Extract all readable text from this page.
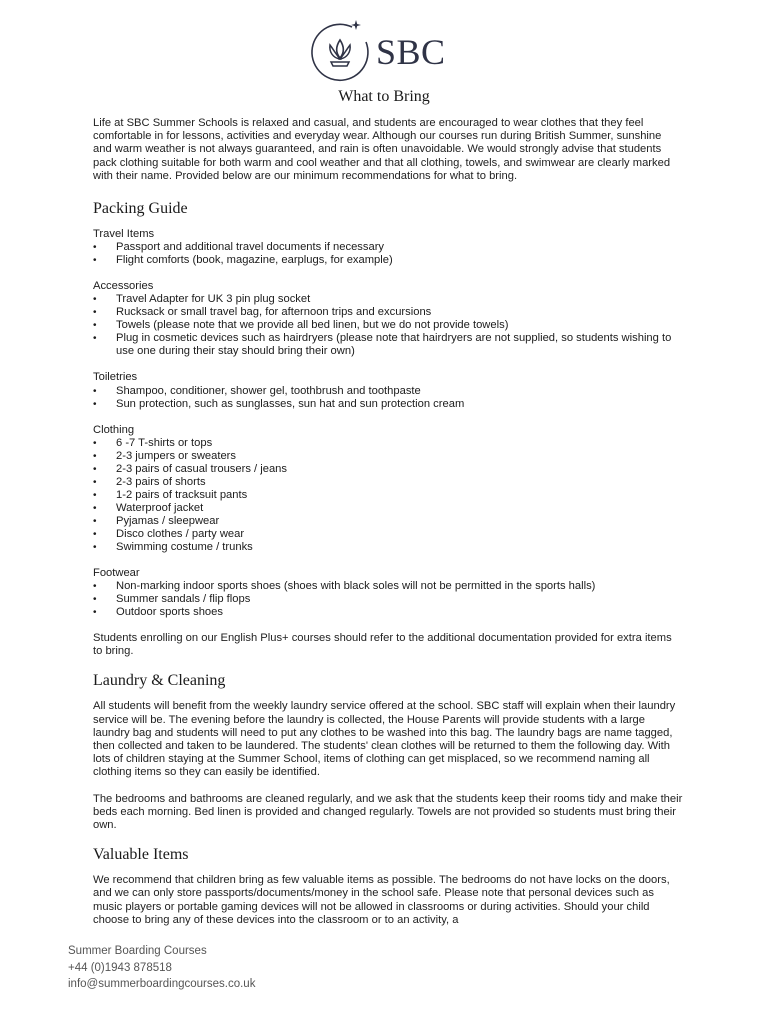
SBC
What to Bring

Life at SBC Summer Schools is relaxed and casual, and students are encouraged to wear clothes that they feel comfortable in for lessons, activities and everyday wear. Although our courses run during British Summer, sunshine and warm weather is not always guaranteed, and rain is often unavoidable. We would strongly advise that students pack clothing suitable for both warm and cool weather and that all clothing, towels, and swimwear are clearly marked with their name. Provided below are our minimum recommendations for what to bring.

Packing Guide
Travel Items
• Passport and additional travel documents if necessary
• Flight comforts (book, magazine, earplugs, for example)
Accessories
• Travel Adapter for UK 3 pin plug socket
• Rucksack or small travel bag, for afternoon trips and excursions
• Towels (please note that we provide all bed linen, but we do not provide towels)
• Plug in cosmetic devices such as hairdryers (please note that hairdryers are not supplied, so students wishing to use one during their stay should bring their own)
Toiletries
• Shampoo, conditioner, shower gel, toothbrush and toothpaste
• Sun protection, such as sunglasses, sun hat and sun protection cream
Clothing
• 6 -7 T-shirts or tops
• 2-3 jumpers or sweaters
• 2-3 pairs of casual trousers / jeans
• 2-3 pairs of shorts
• 1-2 pairs of tracksuit pants
• Waterproof jacket
• Pyjamas / sleepwear
• Disco clothes / party wear
• Swimming costume / trunks
Footwear
• Non-marking indoor sports shoes (shoes with black soles will not be permitted in the sports halls)
• Summer sandals / flip flops
• Outdoor sports shoes

Students enrolling on our English Plus+ courses should refer to the additional documentation provided for extra items to bring.

Laundry & Cleaning

All students will benefit from the weekly laundry service offered at the school. SBC staff will explain when their laundry service will be. The evening before the laundry is collected, the House Parents will provide students with a large laundry bag and students will need to put any clothes to be washed into this bag. The laundry bags are name tagged, then collected and taken to be laundered. The students' clean clothes will be returned to them the following day. With lots of children staying at the Summer School, items of clothing can get misplaced, so we recommend naming all clothing items so they can easily be identified.

The bedrooms and bathrooms are cleaned regularly, and we ask that the students keep their rooms tidy and make their beds each morning. Bed linen is provided and changed regularly. Towels are not provided so students must bring their own.

Valuable Items

We recommend that children bring as few valuable items as possible. The bedrooms do not have locks on the doors, and we can only store passports/documents/money in the school safe. Please note that personal devices such as music players or portable gaming devices will not be allowed in classrooms or during activities. Should your child choose to bring any of these devices into the classroom or to an activity, a

Summer Boarding Courses
+44 (0)1943 878518
info@summerboardingcourses.co.uk
